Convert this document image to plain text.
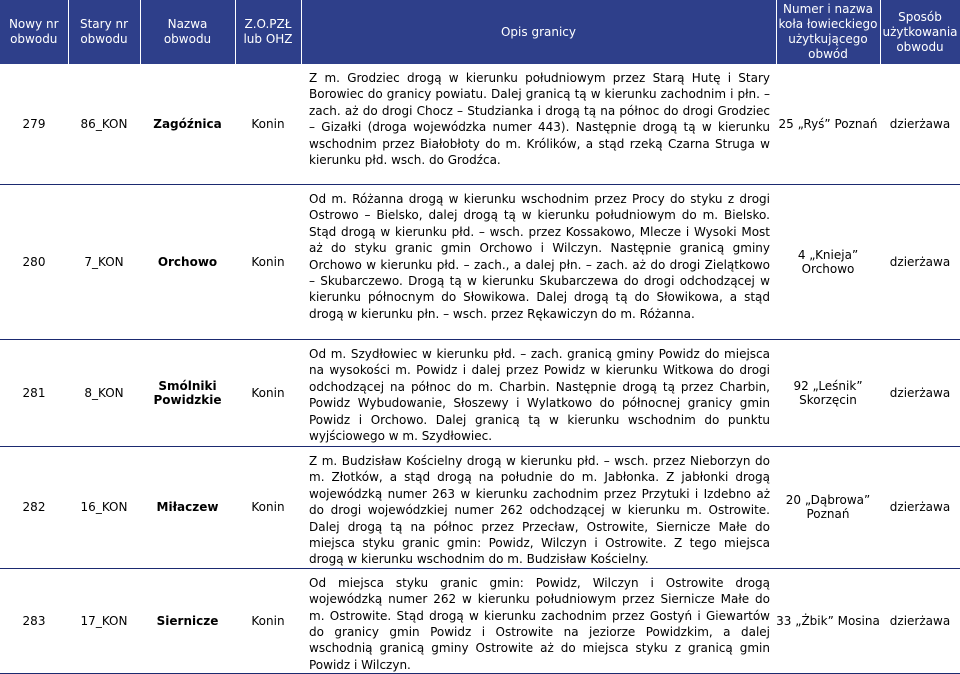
Nowy nr obwodu	Stary nr obwodu	Nazwa obwodu	Z.O.PZŁ lub OHZ	Opis granicy	Numer i nazwa koła łowieckiego użytkującego obwód	Sposób użytkowania obwodu
279	86_KON	Zagóźnica	Konin	Z m. Grodziec drogą w kierunku południowym przez Starą Hutę i Stary Borowiec do granicy powiatu. Dalej granicą tą w kierunku zachodnim i płn. – zach. aż do drogi Chocz – Studzianka i drogą tą na północ do drogi Grodziec – Gizałki (droga wojewódzka numer 443). Następnie drogą tą w kierunku wschodnim przez Białobłoty do m. Królików, a stąd rzeką Czarna Struga w kierunku płd. wsch. do Grodźca.	25 „Ryś” Poznań	dzierżawa
280	7_KON	Orchowo	Konin	Od m. Różanna drogą w kierunku wschodnim przez Procy do styku z drogi Ostrowo – Bielsko, dalej drogą tą w kierunku południowym do m. Bielsko. Stąd drogą w kierunku płd. – wsch. przez Kossakowo, Mlecze i Wysoki Most aż do styku granic gmin Orchowo i Wilczyn. Następnie granicą gminy Orchowo w kierunku płd. – zach., a dalej płn. – zach. aż do drogi Zielątkowo – Skubarczewo. Drogą tą w kierunku Skubarczewa do drogi odchodzącej w kierunku północnym do Słowikowa. Dalej drogą tą do Słowikowa, a stąd drogą w kierunku płn. – wsch. przez Rękawiczyn do m. Różanna.	4 „Knieja” Orchowo	dzierżawa
281	8_KON	Smólniki Powidzkie	Konin	Od m. Szydłowiec w kierunku płd. – zach. granicą gminy Powidz do miejsca na wysokości m. Powidz i dalej przez Powidz w kierunku Witkowa do drogi odchodzącej na północ do m. Charbin. Następnie drogą tą przez Charbin, Powidz Wybudowanie, Słoszewy i Wylatkowo do północnej granicy gmin Powidz i Orchowo. Dalej granicą tą w kierunku wschodnim do punktu wyjściowego w m. Szydłowiec.	92 „Leśnik” Skorzęcin	dzierżawa
282	16_KON	Miłaczew	Konin	Z m. Budzisław Kościelny drogą w kierunku płd. – wsch. przez Nieborzyn do m. Złotków, a stąd drogą na południe do m. Jabłonka. Z jabłonki drogą wojewódzką numer 263 w kierunku zachodnim przez Przytuki i Izdebno aż do drogi wojewódzkiej numer 262 odchodzącej w kierunku m. Ostrowite. Dalej drogą tą na północ przez Przecław, Ostrowite, Siernicze Małe do miejsca styku granic gmin: Powidz, Wilczyn i Ostrowite. Z tego miejsca drogą w kierunku wschodnim do m. Budzisław Kościelny.	20 „Dąbrowa” Poznań	dzierżawa
283	17_KON	Siernicze	Konin	Od miejsca styku granic gmin: Powidz, Wilczyn i Ostrowite drogą wojewódzką numer 262 w kierunku południowym przez Siernicze Małe do m. Ostrowite. Stąd drogą w kierunku zachodnim przez Gostyń i Giewartów do granicy gmin Powidz i Ostrowite na jeziorze Powidzkim, a dalej wschodnią granicą gminy Ostrowite aż do miejsca styku z granicą gmin Powidz i Wilczyn.	33 „Żbik” Mosina	dzierżawa
